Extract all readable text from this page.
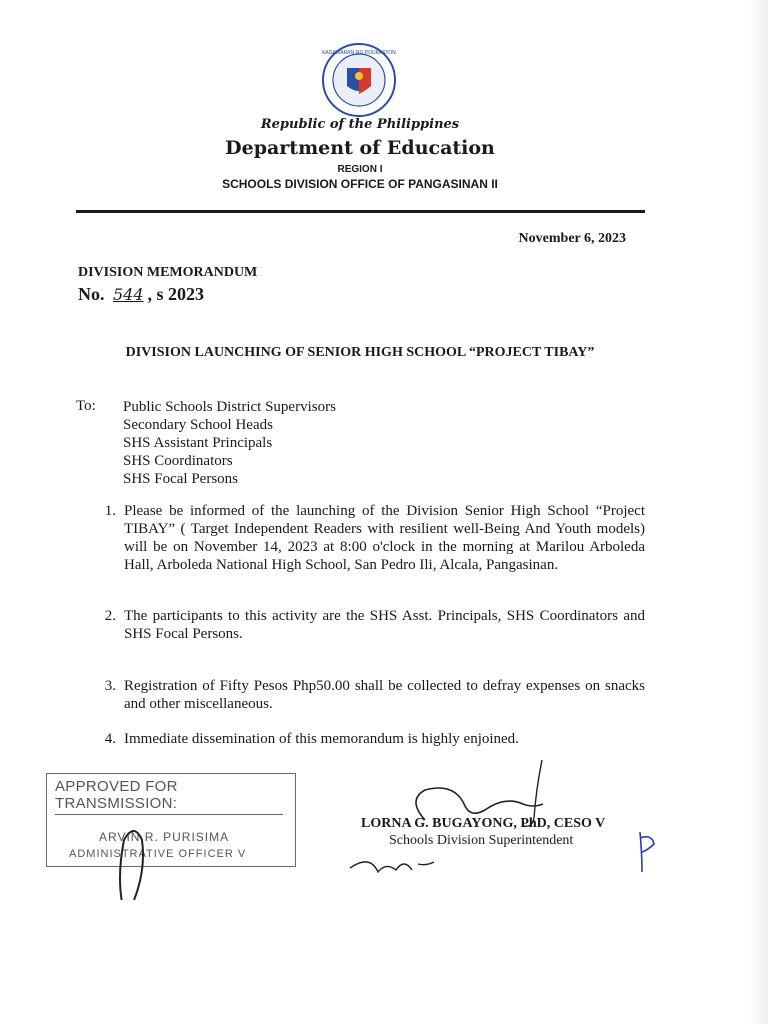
KAGAWARAN NG EDUKASYON
Republic of the Philippines
Department of Education
REGION I
SCHOOLS DIVISION OFFICE OF PANGASINAN II
November 6, 2023
DIVISION MEMORANDUM
No. 544 , s 2023
DIVISION LAUNCHING OF SENIOR HIGH SCHOOL “PROJECT TIBAY”
To: Public Schools District Supervisors
Secondary School Heads
SHS Assistant Principals
SHS Coordinators
SHS Focal Persons
1. Please be informed of the launching of the Division Senior High School “Project TIBAY” ( Target Independent Readers with resilient well-Being And Youth models) will be on November 14, 2023 at 8:00 o'clock in the morning at Marilou Arboleda Hall, Arboleda National High School, San Pedro Ili, Alcala, Pangasinan.
2. The participants to this activity are the SHS Asst. Principals, SHS Coordinators and SHS Focal Persons.
3. Registration of Fifty Pesos Php50.00 shall be collected to defray expenses on snacks and other miscellaneous.
4. Immediate dissemination of this memorandum is highly enjoined.
APPROVED FOR TRANSMISSION:
ARVIN R. PURISIMA
ADMINISTRATIVE OFFICER V
LORNA G. BUGAYONG, PhD, CESO V
Schools Division Superintendent
